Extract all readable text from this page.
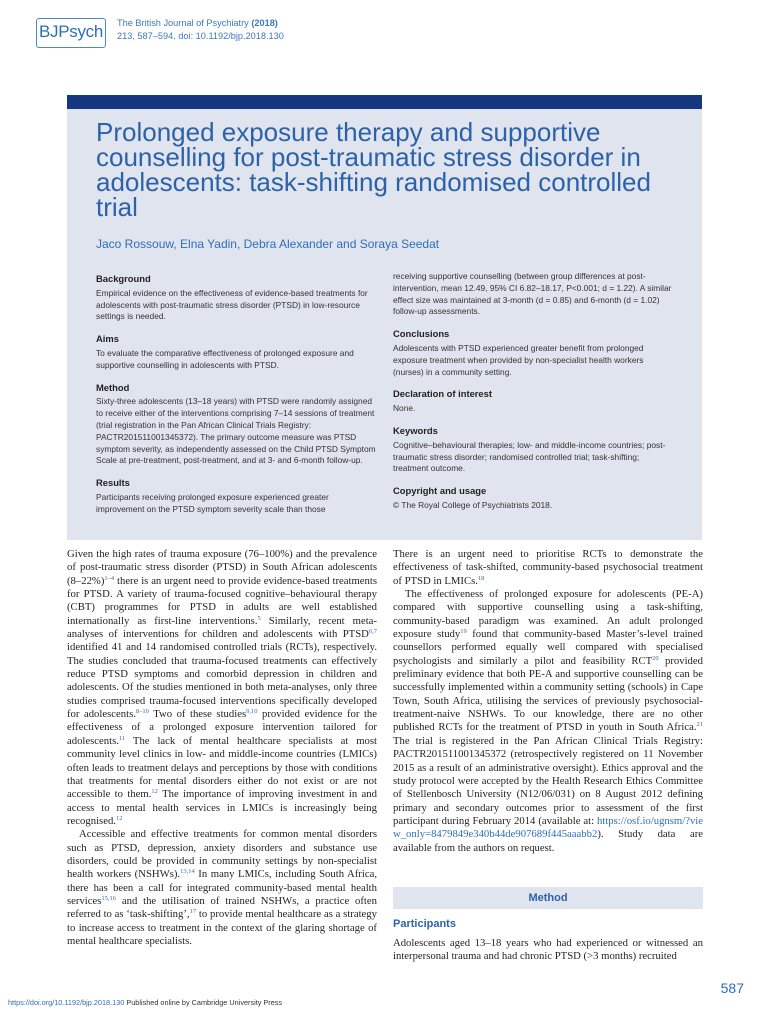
BJPsych The British Journal of Psychiatry (2018)
213, 587–594. doi: 10.1192/bjp.2018.130
Prolonged exposure therapy and supportive counselling for post-traumatic stress disorder in adolescents: task-shifting randomised controlled trial

Jaco Rossouw, Elna Yadin, Debra Alexander and Soraya Seedat

Background

Empirical evidence on the effectiveness of evidence-based treatments for adolescents with post-traumatic stress disorder (PTSD) in low-resource settings is needed.

Aims

To evaluate the comparative effectiveness of prolonged exposure and supportive counselling in adolescents with PTSD.

Method

Sixty-three adolescents (13–18 years) with PTSD were randomly assigned to receive either of the interventions comprising 7–14 sessions of treatment (trial registration in the Pan African Clinical Trials Registry: PACTR201511001345372). The primary outcome measure was PTSD symptom severity, as independently assessed on the Child PTSD Symptom Scale at pre-treatment, post-treatment, and at 3- and 6-month follow-up.

Results

Participants receiving prolonged exposure experienced greater improvement on the PTSD symptom severity scale than those

receiving supportive counselling (between group differences at post-intervention, mean 12.49, 95% CI 6.82–18.17, P<0.001; d = 1.22). A similar effect size was maintained at 3-month (d = 0.85) and 6-month (d = 1.02) follow-up assessments.

Conclusions

Adolescents with PTSD experienced greater benefit from prolonged exposure treatment when provided by non-specialist health workers (nurses) in a community setting.

Declaration of interest

None.

Keywords

Cognitive–behavioural therapies; low- and middle-income countries; post-traumatic stress disorder; randomised controlled trial; task-shifting; treatment outcome.

Copyright and usage

© The Royal College of Psychiatrists 2018.

Given the high rates of trauma exposure (76–100%) and the prevalence of post-traumatic stress disorder (PTSD) in South African adolescents $(8-22\%)^{1-4}$ there is an urgent need to provide evidence-based treatments for PTSD. A variety of trauma-focused cognitive–behavioural therapy (CBT) programmes for PTSD in adults are well established internationally as first-line interventions.$^5$ Similarly, recent meta-analyses of interventions for children and adolescents with PTSD$^{6,7}$ identified 41 and 14 randomised controlled trials (RCTs), respectively. The studies concluded that trauma-focused treatments can effectively reduce PTSD symptoms and comorbid depression in children and adolescents. Of the studies mentioned in both meta-analyses, only three studies comprised trauma-focused interventions specifically developed for adolescents.$^{8-10}$ Two of these studies$^{9,10}$ provided evidence for the effectiveness of a prolonged exposure intervention tailored for adolescents.$^{11}$ The lack of mental healthcare specialists at most community level clinics in low- and middle-income countries (LMICs) often leads to treatment delays and perceptions by those with conditions that treatments for mental disorders either do not exist or are not accessible to them.$^{12}$ The importance of improving investment in and access to mental health services in LMICs is increasingly being recognised.$^{12}$

Accessible and effective treatments for common mental disorders such as PTSD, depression, anxiety disorders and substance use disorders, could be provided in community settings by non-specialist health workers (NSHWs).$^{13,14}$ In many LMICs, including South Africa, there has been a call for integrated community-based mental health services$^{15,16}$ and the utilisation of trained NSHWs, a practice often referred to as ‘task-shifting’,$^{17}$ to provide mental healthcare as a strategy to increase access to treatment in the context of the glaring shortage of mental healthcare specialists.

There is an urgent need to prioritise RCTs to demonstrate the effectiveness of task-shifted, community-based psychosocial treatment of PTSD in LMICs.$^{18}$

The effectiveness of prolonged exposure for adolescents (PE-A) compared with supportive counselling using a task-shifting, community-based paradigm was examined. An adult prolonged exposure study$^{19}$ found that community-based Master’s-level trained counsellors performed equally well compared with specialised psychologists and similarly a pilot and feasibility RCT$^{20}$ provided preliminary evidence that both PE-A and supportive counselling can be successfully implemented within a community setting (schools) in Cape Town, South Africa, utilising the services of previously psychosocial-treatment-naive NSHWs. To our knowledge, there are no other published RCTs for the treatment of PTSD in youth in South Africa.$^{21}$ The trial is registered in the Pan African Clinical Trials Registry: PACTR201511001345372 (retrospectively registered on 11 November 2015 as a result of an administrative oversight). Ethics approval and the study protocol were accepted by the Health Research Ethics Committee of Stellenbosch University (N12/06/031) on 8 August 2012 defining primary and secondary outcomes prior to assessment of the first participant during February 2014 (available at: https://osf.io/ugnsm/?view_only=8479849e340b44de907689f445aaabb2). Study data are available from the authors on request.

Method
Participants

Adolescents aged 13–18 years who had experienced or witnessed an interpersonal trauma and had chronic PTSD (>3 months) recruited

https://doi.org/10.1192/bjp.2018.130 Published online by Cambridge University Press
587
